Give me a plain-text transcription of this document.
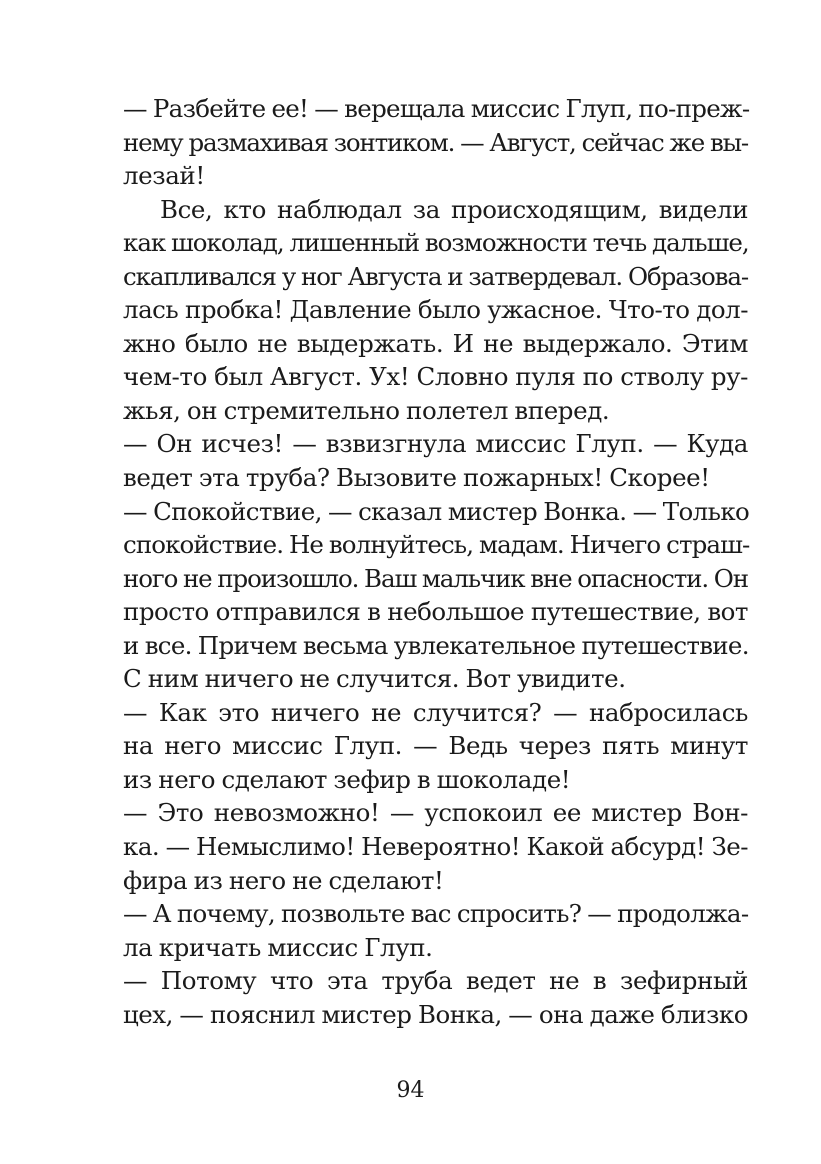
— Разбейте ее! — верещала миссис Глуп, по-преж-
нему размахивая зонтиком. — Август, сейчас же вы-
лезай!
Все, кто наблюдал за происходящим, видели
как шоколад, лишенный возможности течь дальше,
скапливался у ног Августа и затвердевал. Образова-
лась пробка! Давление было ужасное. Что-то дол-
жно было не выдержать. И не выдержало. Этим
чем-то был Август. Ух! Словно пуля по стволу ру-
жья, он стремительно полетел вперед.
— Он исчез! — взвизгнула миссис Глуп. — Куда
ведет эта труба? Вызовите пожарных! Скорее!
— Спокойствие, — сказал мистер Вонка. — Только
спокойствие. Не волнуйтесь, мадам. Ничего страш-
ного не произошло. Ваш мальчик вне опасности. Он
просто отправился в небольшое путешествие, вот
и все. Причем весьма увлекательное путешествие.
С ним ничего не случится. Вот увидите.
— Как это ничего не случится? — набросилась
на него миссис Глуп. — Ведь через пять минут
из него сделают зефир в шоколаде!
— Это невозможно! — успокоил ее мистер Вон-
ка. — Немыслимо! Невероятно! Какой абсурд! Зе-
фира из него не сделают!
— А почему, позвольте вас спросить? — продолжа-
ла кричать миссис Глуп.
— Потому что эта труба ведет не в зефирный
цех, — пояснил мистер Вонка, — она даже близко
94
